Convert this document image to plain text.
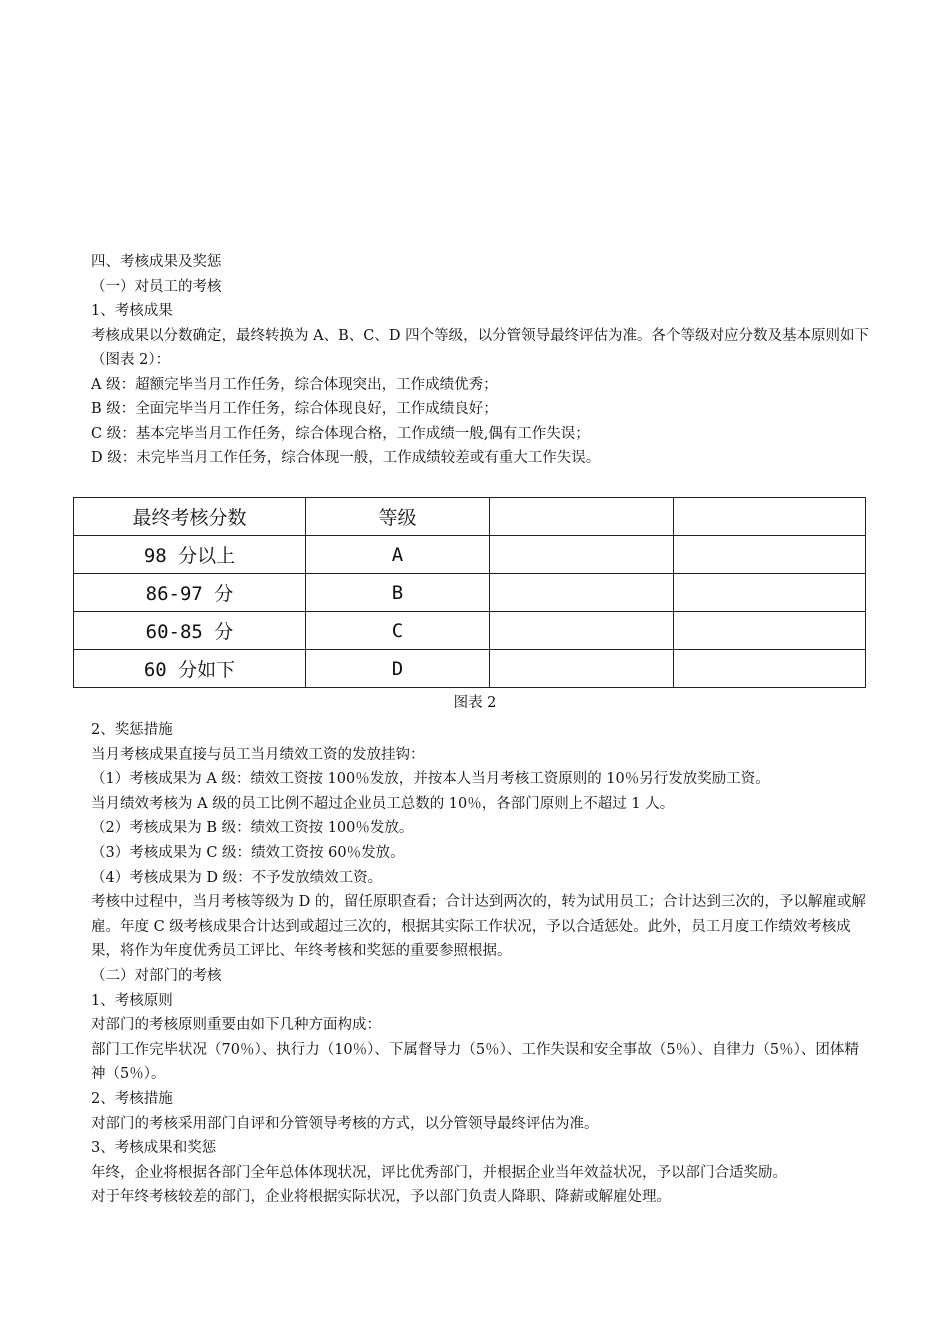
四、考核成果及奖惩

（一）对员工的考核

1、考核成果

考核成果以分数确定，最终转换为 A、B、C、D 四个等级，以分管领导最终评估为准。各个等级对应分数及基本原则如下（图表 2）：

A 级：超额完毕当月工作任务，综合体现突出，工作成绩优秀；

B 级：全面完毕当月工作任务，综合体现良好，工作成绩良好；

C 级：基本完毕当月工作任务，综合体现合格，工作成绩一般,偶有工作失误；

D 级：未完毕当月工作任务，综合体现一般，工作成绩较差或有重大工作失误。

最终考核分数	等级		
98 分以上	A		
86-97 分	B		
60-85 分	C		
60 分如下	D		
图表 2

2、奖惩措施

当月考核成果直接与员工当月绩效工资的发放挂钩：

（1）考核成果为 A 级：绩效工资按 100％发放，并按本人当月考核工资原则的 10％另行发放奖励工资。

当月绩效考核为 A 级的员工比例不超过企业员工总数的 10％，各部门原则上不超过 1 人。

（2）考核成果为 B 级：绩效工资按 100％发放。

（3）考核成果为 C 级：绩效工资按 60％发放。

（4）考核成果为 D 级：不予发放绩效工资。

考核中过程中，当月考核等级为 D 的，留任原职查看；合计达到两次的，转为试用员工；合计达到三次的，予以解雇或解雇。年度 C 级考核成果合计达到或超过三次的，根据其实际工作状况，予以合适惩处。此外，员工月度工作绩效考核成果，将作为年度优秀员工评比、年终考核和奖惩的重要参照根据。

（二）对部门的考核

1、考核原则

对部门的考核原则重要由如下几种方面构成：

部门工作完毕状况（70％）、执行力（10％）、下属督导力（5％）、工作失误和安全事故（5％）、自律力（5％）、团体精神（5％）。

2、考核措施

对部门的考核采用部门自评和分管领导考核的方式，以分管领导最终评估为准。

3、考核成果和奖惩

年终，企业将根据各部门全年总体体现状况，评比优秀部门，并根据企业当年效益状况，予以部门合适奖励。

对于年终考核较差的部门，企业将根据实际状况，予以部门负责人降职、降薪或解雇处理。
